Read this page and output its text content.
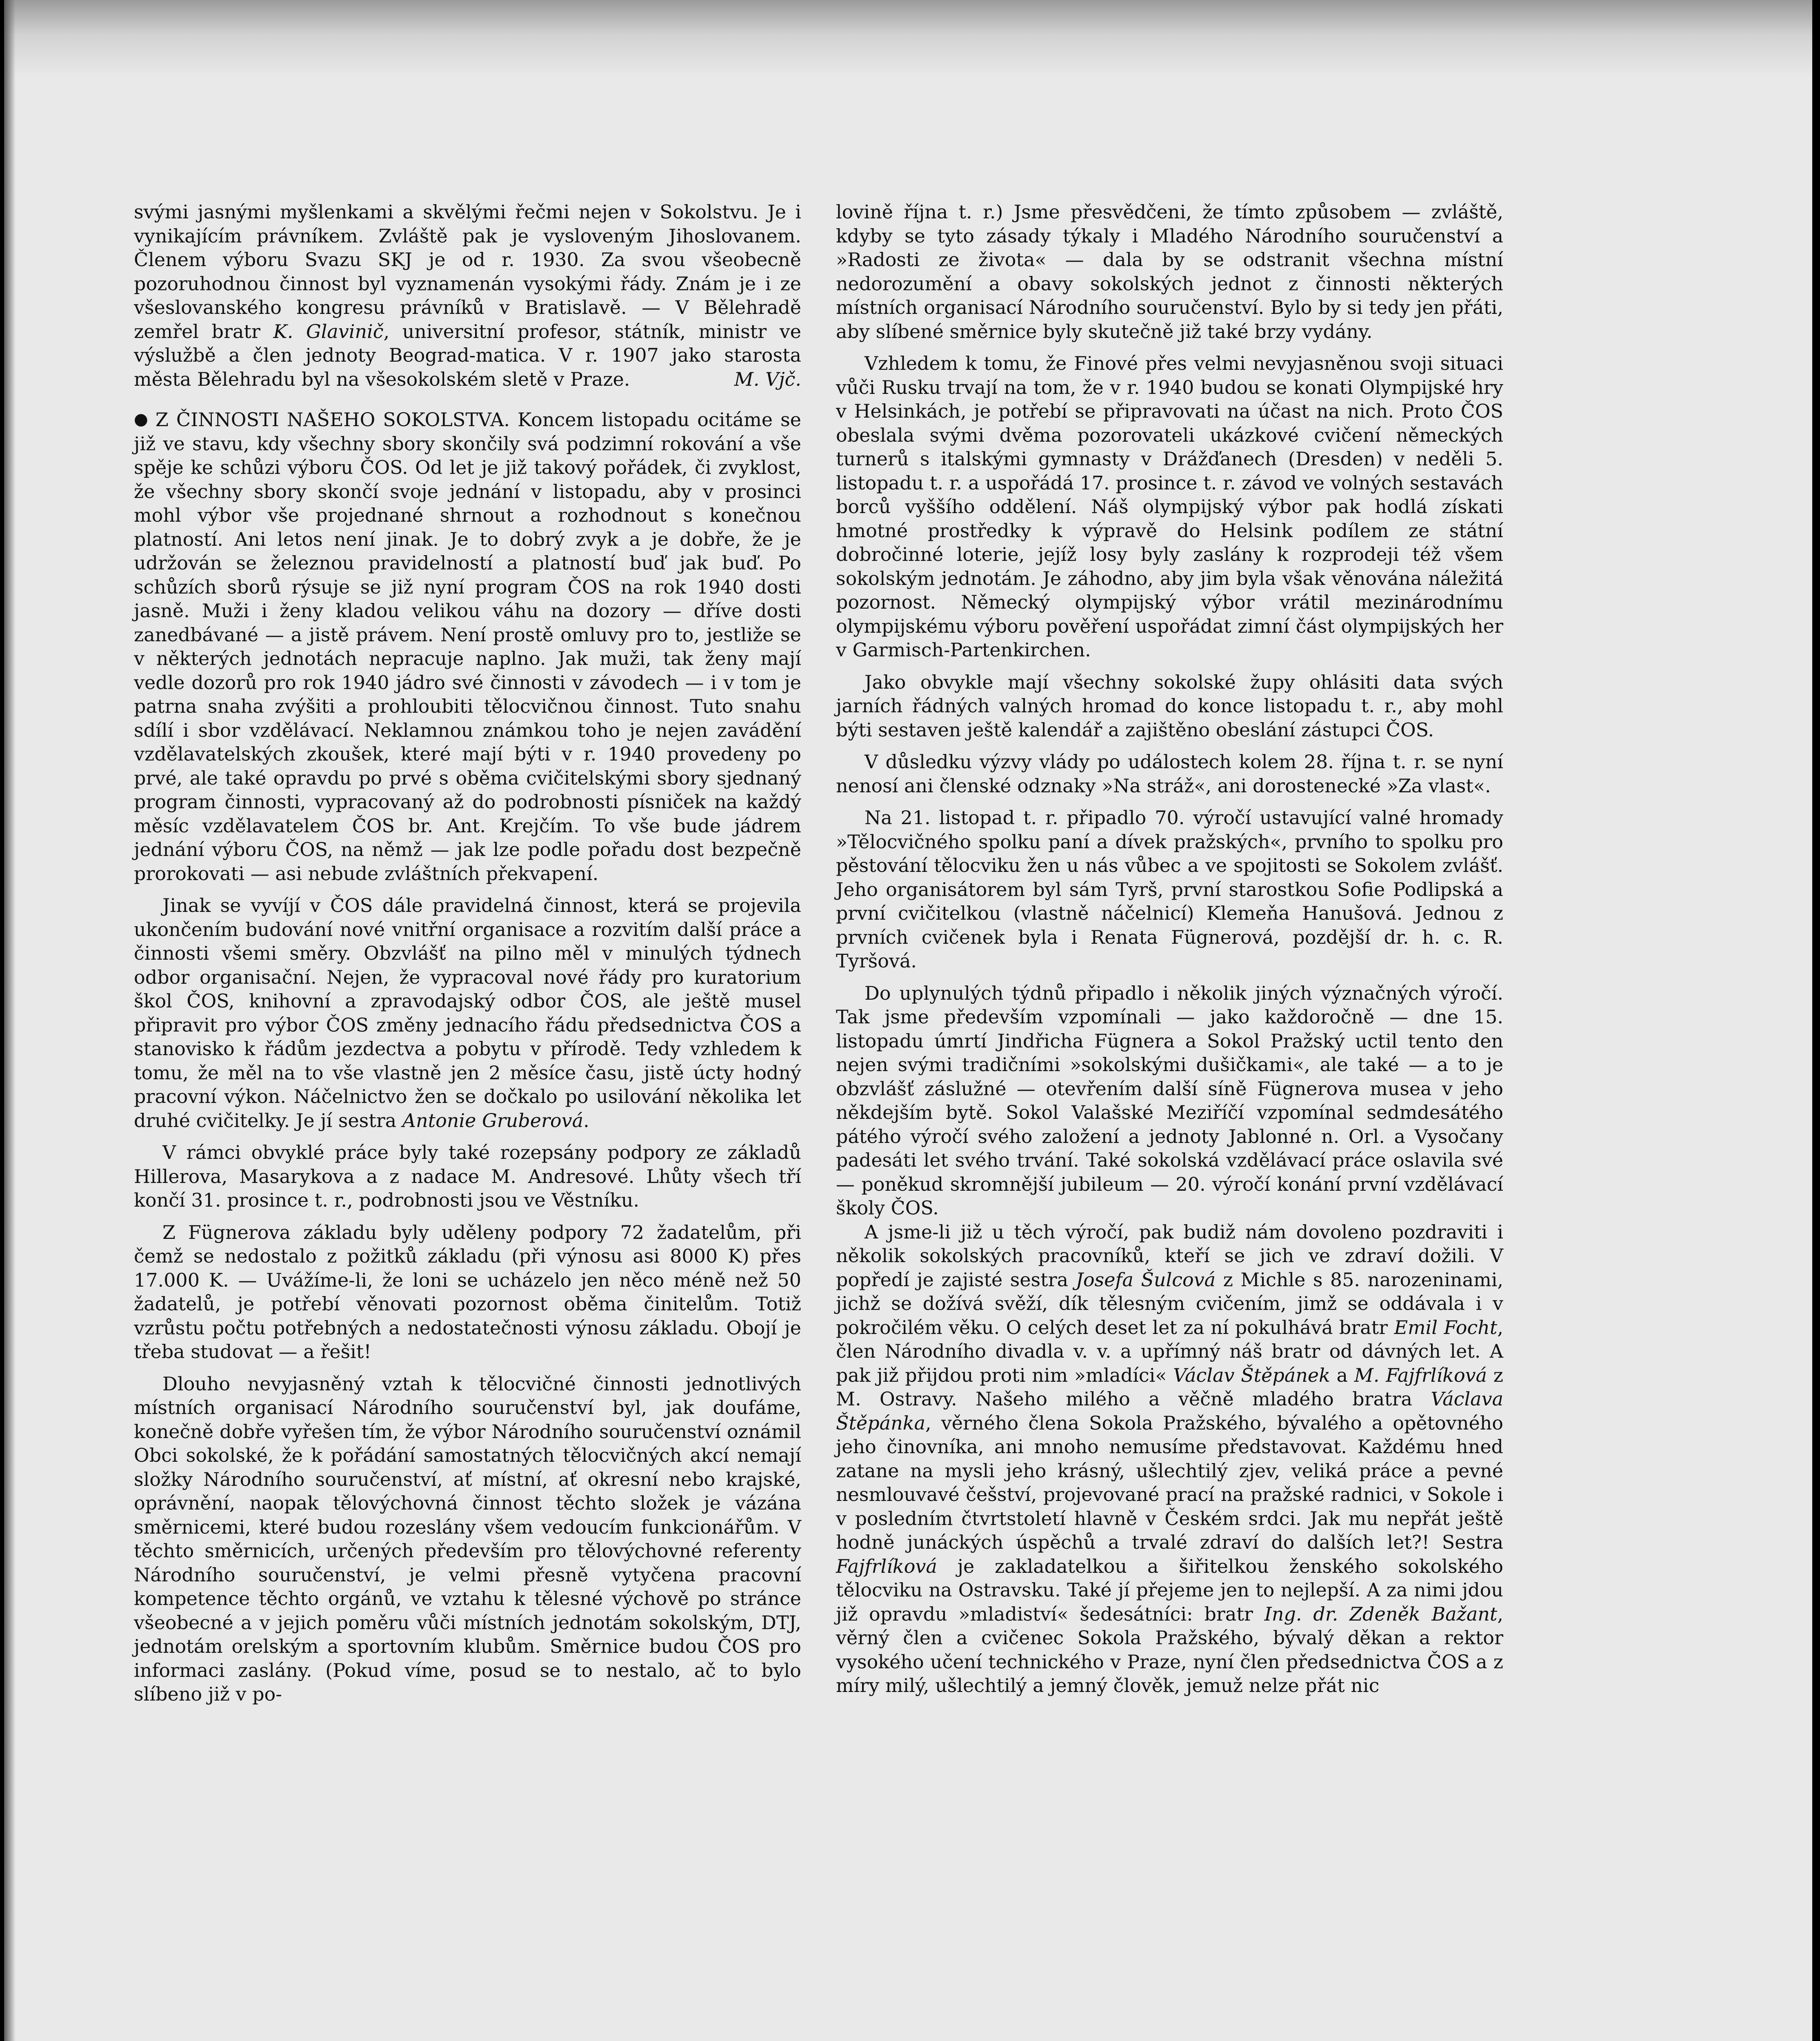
svými jasnými myšlenkami a skvělými řečmi nejen v Sokolstvu. Je i vynikajícím právníkem. Zvláště pak je vysloveným Jihoslovanem. Členem výboru Svazu SKJ je od r. 1930. Za svou všeobecně pozoruhodnou činnost byl vyznamenán vysokými řády. Znám je i ze všeslovanského kongresu právníků v Bratislavě. — V Bělehradě zemřel bratr K. Glavinič, universitní profesor, státník, ministr ve výslužbě a člen jednoty Beograd-matica. V r. 1907 jako starosta města Bělehradu byl na všesokolském sletě v Praze.	M. Vjč.

● Z ČINNOSTI NAŠEHO SOKOLSTVA. Koncem listopadu ocitáme se již ve stavu, kdy všechny sbory skončily svá podzimní rokování a vše spěje ke schůzi výboru ČOS. Od let je již takový pořádek, či zvyklost, že všechny sbory skončí svoje jednání v listopadu, aby v prosinci mohl výbor vše projednané shrnout a rozhodnout s konečnou platností. Ani letos není jinak. Je to dobrý zvyk a je dobře, že je udržován se železnou pravidelností a platností buď jak buď. Po schůzích sborů rýsuje se již nyní program ČOS na rok 1940 dosti jasně. Muži i ženy kladou velikou váhu na dozory — dříve dosti zanedbávané — a jistě právem. Není prostě omluvy pro to, jestliže se v některých jednotách nepracuje naplno. Jak muži, tak ženy mají vedle dozorů pro rok 1940 jádro své činnosti v závodech — i v tom je patrna snaha zvýšiti a prohloubiti tělocvičnou činnost. Tuto snahu sdílí i sbor vzdělávací. Neklamnou známkou toho je nejen zavádění vzdělavatelských zkoušek, které mají býti v r. 1940 provedeny po prvé, ale také opravdu po prvé s oběma cvičitelskými sbory sjednaný program činnosti, vypracovaný až do podrobnosti písniček na každý měsíc vzdělavatelem ČOS br. Ant. Krejčím. To vše bude jádrem jednání výboru ČOS, na němž — jak lze podle pořadu dost bezpečně prorokovati — asi nebude zvláštních překvapení.

Jinak se vyvíjí v ČOS dále pravidelná činnost, která se projevila ukončením budování nové vnitřní organisace a rozvitím další práce a činnosti všemi směry. Obzvlášť na pilno měl v minulých týdnech odbor organisační. Nejen, že vypracoval nové řády pro kuratorium škol ČOS, knihovní a zpravodajský odbor ČOS, ale ještě musel připravit pro výbor ČOS změny jednacího řádu předsednictva ČOS a stanovisko k řádům jezdectva a pobytu v přírodě. Tedy vzhledem k tomu, že měl na to vše vlastně jen 2 měsíce času, jistě úcty hodný pracovní výkon. Náčelnictvo žen se dočkalo po usilování několika let druhé cvičitelky. Je jí sestra Antonie Gruberová.

V rámci obvyklé práce byly také rozepsány podpory ze základů Hillerova, Masarykova a z nadace M. Andresové. Lhůty všech tří končí 31. prosince t. r., podrobnosti jsou ve Věstníku.

Z Fügnerova základu byly uděleny podpory 72 žadatelům, při čemž se nedostalo z požitků základu (při výnosu asi 8000 K) přes 17.000 K. — Uvážíme-li, že loni se ucházelo jen něco méně než 50 žadatelů, je potřebí věnovati pozornost oběma činitelům. Totiž vzrůstu počtu potřebných a nedostatečnosti výnosu základu. Obojí je třeba studovat — a řešit!

Dlouho nevyjasněný vztah k tělocvičné činnosti jednotlivých místních organisací Národního souručenství byl, jak doufáme, konečně dobře vyřešen tím, že výbor Národního souručenství oznámil Obci sokolské, že k pořádání samostatných tělocvičných akcí nemají složky Národního souručenství, ať místní, ať okresní nebo krajské, oprávnění, naopak tělovýchovná činnost těchto složek je vázána směrnicemi, které budou rozeslány všem vedoucím funkcionářům. V těchto směrnicích, určených především pro tělovýchovné referenty Národního souručenství, je velmi přesně vytyčena pracovní kompetence těchto orgánů, ve vztahu k tělesné výchově po stránce všeobecné a v jejich poměru vůči místních jednotám sokolským, DTJ, jednotám orelským a sportovním klubům. Směrnice budou ČOS pro informaci zaslány. (Pokud víme, posud se to nestalo, ač to bylo slíbeno již v po-

lovině října t. r.) Jsme přesvědčeni, že tímto způsobem — zvláště, kdyby se tyto zásady týkaly i Mladého Národního souručenství a »Radosti ze života« — dala by se odstranit všechna místní nedorozumění a obavy sokolských jednot z činnosti některých místních organisací Národního souručenství. Bylo by si tedy jen přáti, aby slíbené směrnice byly skutečně již také brzy vydány.

Vzhledem k tomu, že Finové přes velmi nevyjasněnou svoji situaci vůči Rusku trvají na tom, že v r. 1940 budou se konati Olympijské hry v Helsinkách, je potřebí se připravovati na účast na nich. Proto ČOS obeslala svými dvěma pozorovateli ukázkové cvičení německých turnerů s italskými gymnasty v Drážďanech (Dresden) v neděli 5. listopadu t. r. a uspořádá 17. prosince t. r. závod ve volných sestavách borců vyššího oddělení. Náš olympijský výbor pak hodlá získati hmotné prostředky k výpravě do Helsink podílem ze státní dobročinné loterie, jejíž losy byly zaslány k rozprodeji též všem sokolským jednotám. Je záhodno, aby jim byla však věnována náležitá pozornost. Německý olympijský výbor vrátil mezinárodnímu olympijskému výboru pověření uspořádat zimní část olympijských her v Garmisch-Partenkirchen.

Jako obvykle mají všechny sokolské župy ohlásiti data svých jarních řádných valných hromad do konce listopadu t. r., aby mohl býti sestaven ještě kalendář a zajištěno obeslání zástupci ČOS.

V důsledku výzvy vlády po událostech kolem 28. října t. r. se nyní nenosí ani členské odznaky »Na stráž«, ani dorostenecké »Za vlast«.

Na 21. listopad t. r. připadlo 70. výročí ustavující valné hromady »Tělocvičného spolku paní a dívek pražských«, prvního to spolku pro pěstování tělocviku žen u nás vůbec a ve spojitosti se Sokolem zvlášť. Jeho organisátorem byl sám Tyrš, první starostkou Sofie Podlipská a první cvičitelkou (vlastně náčelnicí) Klemeňa Hanušová. Jednou z prvních cvičenek byla i Renata Fügnerová, pozdější dr. h. c. R. Tyršová.

Do uplynulých týdnů připadlo i několik jiných význačných výročí. Tak jsme především vzpomínali — jako každoročně — dne 15. listopadu úmrtí Jindřicha Fügnera a Sokol Pražský uctil tento den nejen svými tradičními »sokolskými dušičkami«, ale také — a to je obzvlášť záslužné — otevřením další síně Fügnerova musea v jeho někdejším bytě. Sokol Valašské Meziříčí vzpomínal sedmdesátého pátého výročí svého založení a jednoty Jablonné n. Orl. a Vysočany padesáti let svého trvání. Také sokolská vzdělávací práce oslavila své — poněkud skromnější jubileum — 20. výročí konání první vzdělávací školy ČOS.

A jsme-li již u těch výročí, pak budiž nám dovoleno pozdraviti i několik sokolských pracovníků, kteří se jich ve zdraví dožili. V popředí je zajisté sestra Josefa Šulcová z Michle s 85. narozeninami, jichž se dožívá svěží, dík tělesným cvičením, jimž se oddávala i v pokročilém věku. O celých deset let za ní pokulhává bratr Emil Focht, člen Národního divadla v. v. a upřímný náš bratr od dávných let. A pak již přijdou proti nim »mladíci« Václav Štěpánek a M. Fajfrlíková z M. Ostravy. Našeho milého a věčně mladého bratra Václava Štěpánka, věrného člena Sokola Pražského, bývalého a opětovného jeho činovníka, ani mnoho nemusíme představovat. Každému hned zatane na mysli jeho krásný, ušlechtilý zjev, veliká práce a pevné nesmlouvavé češství, projevované prací na pražské radnici, v Sokole i v posledním čtvrtstoletí hlavně v Českém srdci. Jak mu nepřát ještě hodně junáckých úspěchů a trvalé zdraví do dalších let?! Sestra Fajfrlíková je zakladatelkou a šiřitelkou ženského sokolského tělocviku na Ostravsku. Také jí přejeme jen to nejlepší. A za nimi jdou již opravdu »mladiství« šedesátníci: bratr Ing. dr. Zdeněk Bažant, věrný člen a cvičenec Sokola Pražského, bývalý děkan a rektor vysokého učení technického v Praze, nyní člen předsednictva ČOS a z míry milý, ušlechtilý a jemný člověk, jemuž nelze přát nic
